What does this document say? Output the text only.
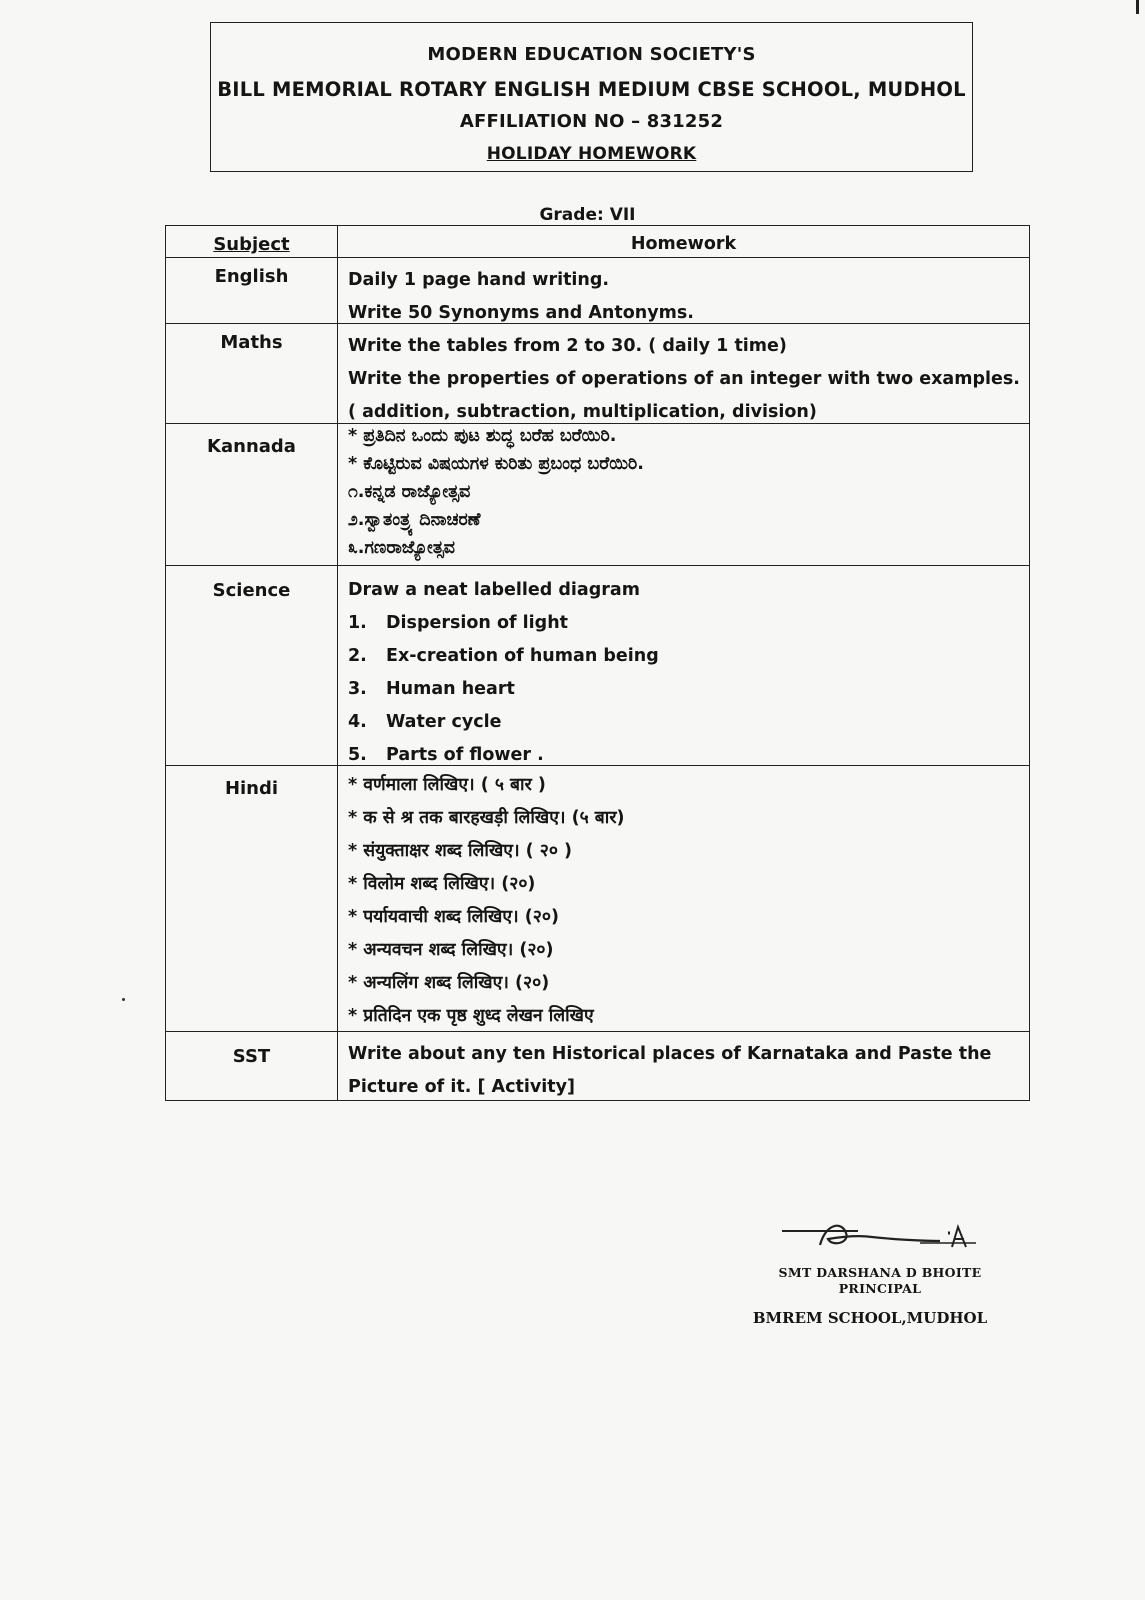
MODERN EDUCATION SOCIETY'S
BILL MEMORIAL ROTARY ENGLISH MEDIUM CBSE SCHOOL, MUDHOL
AFFILIATION NO – 831252
HOLIDAY HOMEWORK
Grade: VII
Subject	Homework
English	Daily 1 page hand writing.
Write 50 Synonyms and Antonyms.
Maths	Write the tables from 2 to 30. ( daily 1 time)
Write the properties of operations of an integer with two examples.
( addition, subtraction, multiplication, division)
Kannada	* ಪ್ರತಿದಿನ ಒಂದು ಪುಟ ಶುದ್ಧ ಬರೆಹ ಬರೆಯಿರಿ.
* ಕೊಟ್ಟಿರುವ ವಿಷಯಗಳ ಕುರಿತು ಪ್ರಬಂಧ ಬರೆಯಿರಿ.
೧.ಕನ್ನಡ ರಾಜ್ಯೋತ್ಸವ
೨.ಸ್ವಾತಂತ್ರ್ಯ ದಿನಾಚರಣೆ
೩.ಗಣರಾಜ್ಯೋತ್ಸವ
Science	Draw a neat labelled diagram
1. Dispersion of light
2. Ex-creation of human being
3. Human heart
4. Water cycle
5. Parts of flower .
Hindi	* वर्णमाला लिखिए। ( ५ बार )
* क से श्र तक बारहखड़ी लिखिए। (५ बार)
* संयुक्ताक्षर शब्द लिखिए। ( २० )
* विलोम शब्द लिखिए। (२०)
* पर्यायवाची शब्द लिखिए। (२०)
* अन्यवचन शब्द लिखिए। (२०)
* अन्यलिंग शब्द लिखिए। (२०)
* प्रतिदिन एक पृष्ठ शुध्द लेखन लिखिए
SST	Write about any ten Historical places of Karnataka and Paste the
Picture of it. [ Activity]
SMT DARSHANA D BHOITE
PRINCIPAL
BMREM SCHOOL,MUDHOL
